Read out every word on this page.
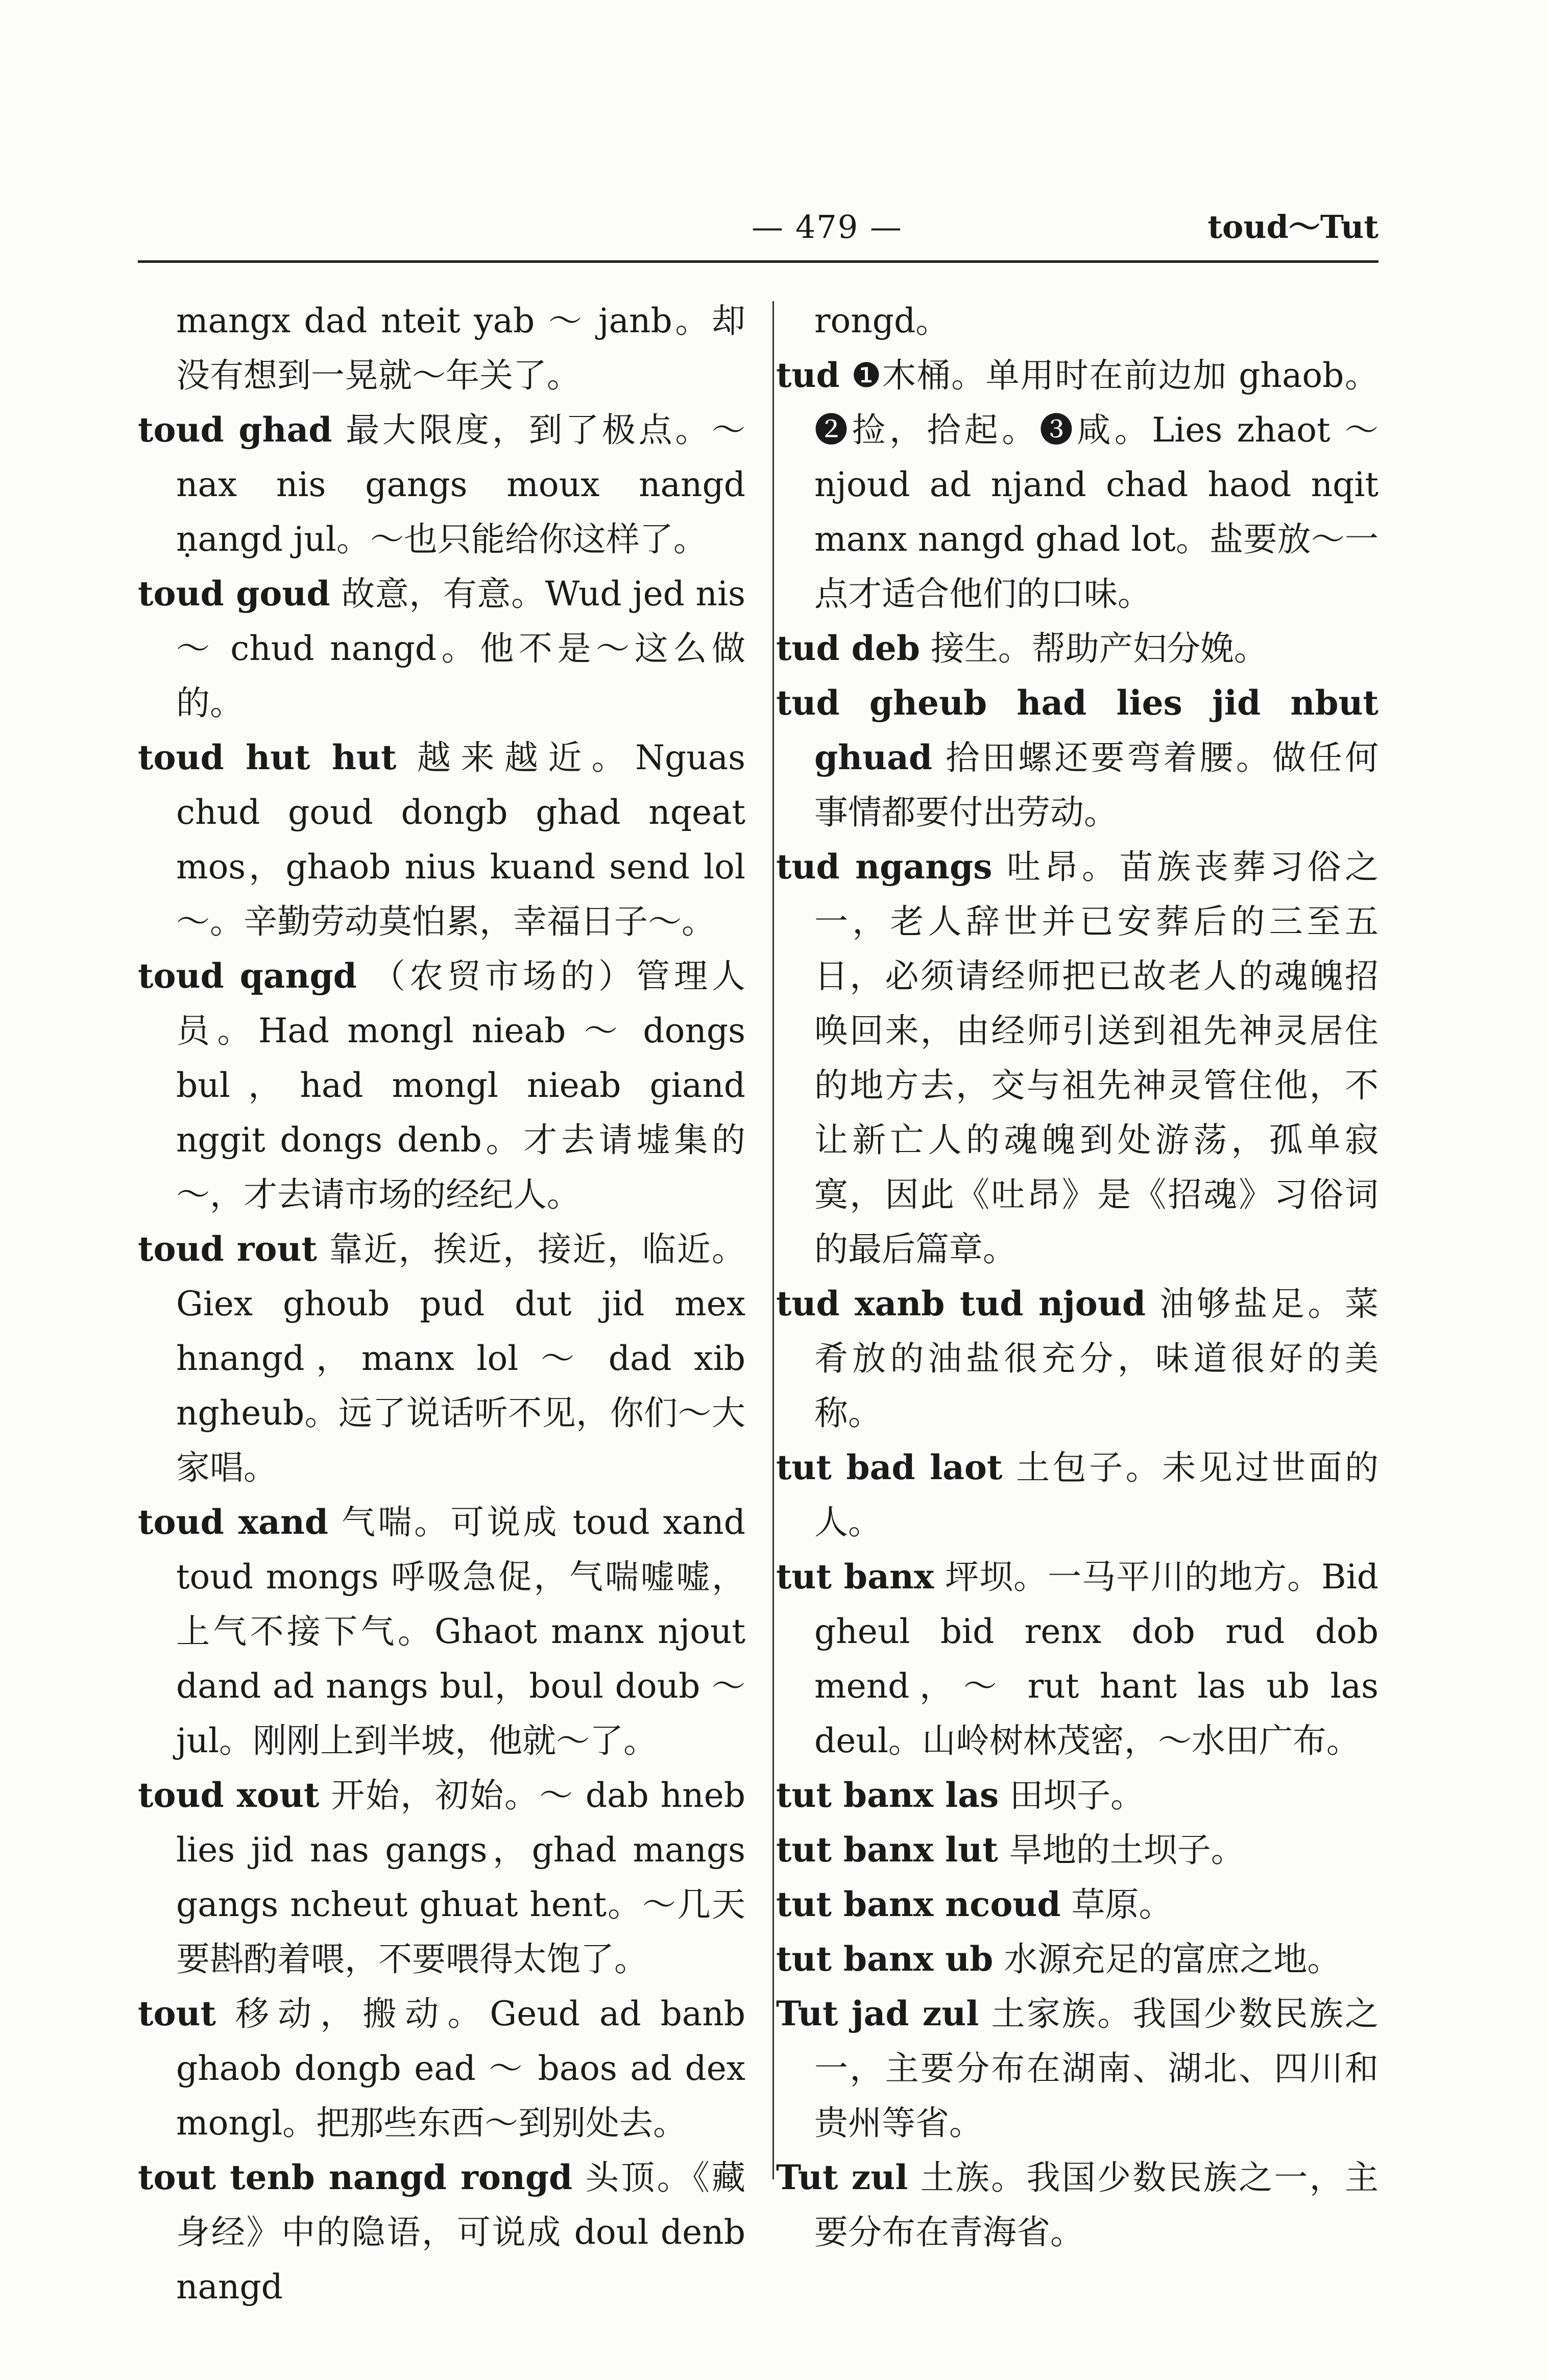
— 479 —	toud～Tut
mangx dad nteit yab ～ janb。却没有想到一晃就～年关了。
toud ghad 最大限度，到了极点。～ nax nis gangs moux nangd ṇangd jul。～也只能给你这样了。
toud goud 故意，有意。Wud jed nis ～ chud nangd。他不是～这么做的。
toud hut hut 越来越近。Nguas chud goud dongb ghad nqeat mos，ghaob nius kuand send lol ～。辛勤劳动莫怕累，幸福日子～。
toud qangd （农贸市场的）管理人员。Had mongl nieab ～ dongs bul，had mongl nieab giand nggit dongs denb。才去请墟集的～，才去请市场的经纪人。
toud rout 靠近，挨近，接近，临近。Giex ghoub pud dut jid mex hnangd，manx lol ～ dad xib ngheub。远了说话听不见，你们～大家唱。
toud xand 气喘。可说成 toud xand toud mongs 呼吸急促，气喘嘘嘘，上气不接下气。Ghaot manx njout dand ad nangs bul，boul doub ～ jul。刚刚上到半坡，他就～了。
toud xout 开始，初始。～ dab hneb lies jid nas gangs，ghad mangs gangs ncheut ghuat hent。～几天要斟酌着喂，不要喂得太饱了。
tout 移动，搬动。Geud ad banb ghaob dongb ead ～ baos ad dex mongl。把那些东西～到别处去。
tout tenb nangd rongd 头顶。《藏身经》中的隐语，可说成 doul denb nangd
rongd。
tud ❶木桶。单用时在前边加 ghaob。❷捡，拾起。❸咸。Lies zhaot ～ njoud ad njand chad haod nqit manx nangd ghad lot。盐要放～一点才适合他们的口味。
tud deb 接生。帮助产妇分娩。
tud gheub had lies jid nbut ghuad 拾田螺还要弯着腰。做任何事情都要付出劳动。
tud ngangs 吐昂。苗族丧葬习俗之一，老人辞世并已安葬后的三至五日，必须请经师把已故老人的魂魄招唤回来，由经师引送到祖先神灵居住的地方去，交与祖先神灵管住他，不让新亡人的魂魄到处游荡，孤单寂寞，因此《吐昂》是《招魂》习俗词的最后篇章。
tud xanb tud njoud 油够盐足。菜肴放的油盐很充分，味道很好的美称。
tut bad laot 土包子。未见过世面的人。
tut banx 坪坝。一马平川的地方。Bid gheul bid renx dob rud dob mend，～ rut hant las ub las deul。山岭树林茂密，～水田广布。
tut banx las 田坝子。
tut banx lut 旱地的土坝子。
tut banx ncoud 草原。
tut banx ub 水源充足的富庶之地。
Tut jad zul 土家族。我国少数民族之一，主要分布在湖南、湖北、四川和贵州等省。
Tut zul 土族。我国少数民族之一，主要分布在青海省。
